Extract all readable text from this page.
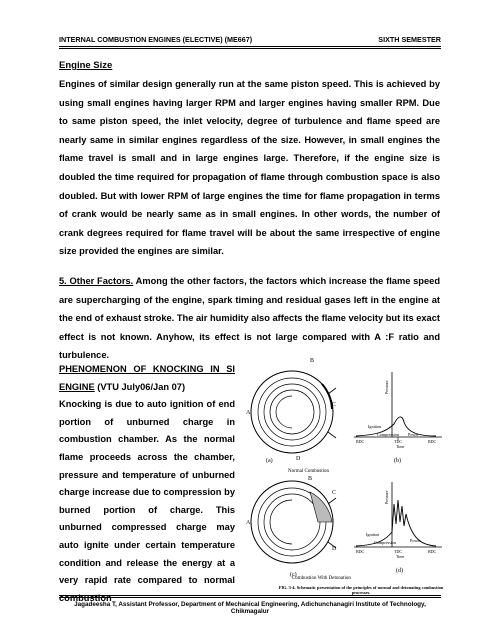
INTERNAL COMBUSTION ENGINES (ELECTIVE) (ME667)	SIXTH SEMESTER

Engine Size

Engines of similar design generally run at the same piston speed. This is achieved by using small engines having larger RPM and larger engines having smaller RPM. Due to same piston speed, the inlet velocity, degree of turbulence and flame speed are nearly same in similar engines regardless of the size. However, in small engines the flame travel is small and in large engines large. Therefore, if the engine size is doubled the time required for propagation of flame through combustion space is also doubled. But with lower RPM of large engines the time for flame propagation in terms of crank would be nearly same as in small engines. In other words, the number of crank degrees required for flame travel will be about the same irrespective of engine size provided the engines are similar.

5. Other Factors. Among the other factors, the factors which increase the flame speed are supercharging of the engine, spark timing and residual gases left in the engine at the end of exhaust stroke. The air humidity also affects the flame velocity but its exact effect is not known. Anyhow, its effect is not large compared with A :F ratio and turbulence.

PHENOMENON OF KNOCKING IN SI ENGINE (VTU July06/Jan 07)

Knocking is due to auto ignition of end portion of unburned charge in combustion chamber. As the normal flame proceeds across the chamber, pressure and temperature of unburned charge increase due to compression by burned portion of charge. This unburned compressed charge may auto ignite under certain temperature condition and release the energy at a very rapid rate compared to normal combustion

A
B
C
D
(a)
Ignition
Compression Power
BDC	TDC	BDC
Time
Pressure
(b)
Normal Combustion
A
B
C
D
(c)
Ignition
Compression	Power
BDC	TDC	BDC
Time
Pressure
(d)
Combustion With Detonation
FIG. 3-4. Schematic presentation of the principles of normal and detonating combustion processes.
Jagadeesha T, Assistant Professor, Department of Mechanical Engineering, Adichunchanagiri Institute of Technology, Chikmagalur
